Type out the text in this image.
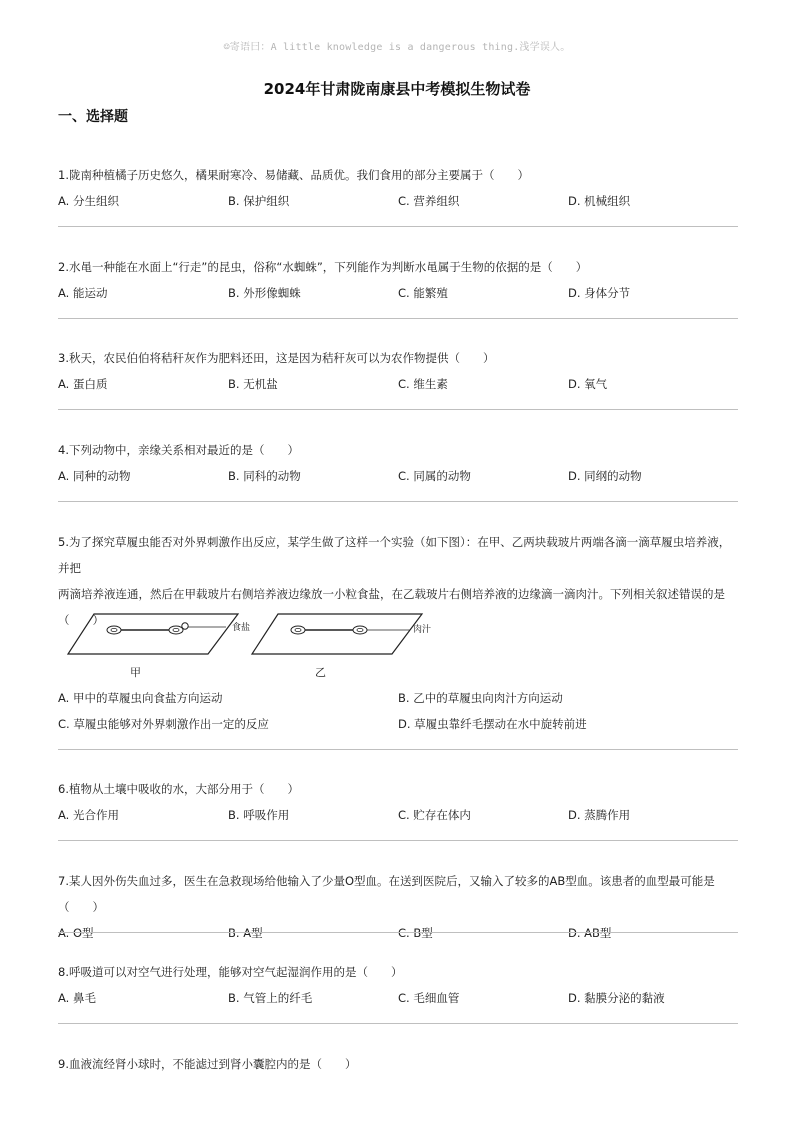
☺寄语曰：A little knowledge is a dangerous thing.浅学误人。
2024年甘肃陇南康县中考模拟生物试卷
一、选择题
1.陇南种植橘子历史悠久，橘果耐寒冷、易储藏、品质优。我们食用的部分主要属于（　　）
A. 分生组织	B. 保护组织	C. 营养组织	D. 机械组织
2.水黾一种能在水面上“行走”的昆虫，俗称“水蜘蛛”，下列能作为判断水黾属于生物的依据的是（　　）
A. 能运动	B. 外形像蜘蛛	C. 能繁殖	D. 身体分节
3.秋天，农民伯伯将秸秆灰作为肥料还田，这是因为秸秆灰可以为农作物提供（　　）
A. 蛋白质	B. 无机盐	C. 维生素	D. 氧气
4.下列动物中，亲缘关系相对最近的是（　　）
A. 同种的动物	B. 同科的动物	C. 同属的动物	D. 同纲的动物
5.为了探究草履虫能否对外界刺激作出反应，某学生做了这样一个实验（如下图）：在甲、乙两块载玻片两端各滴一滴草履虫培养液，并把
两滴培养液连通，然后在甲载玻片右侧培养液边缘放一小粒食盐，在乙载玻片右侧培养液的边缘滴一滴肉汁。下列相关叙述错误的是
（　　）
食盐	肉汁
甲	乙
A. 甲中的草履虫向食盐方向运动	B. 乙中的草履虫向肉汁方向运动
C. 草履虫能够对外界刺激作出一定的反应	D. 草履虫靠纤毛摆动在水中旋转前进
6.植物从土壤中吸收的水，大部分用于（　　）
A. 光合作用	B. 呼吸作用	C. 贮存在体内	D. 蒸腾作用
7.某人因外伤失血过多，医生在急救现场给他输入了少量O型血。在送到医院后，又输入了较多的AB型血。该患者的血型最可能是（　　）
A. O型	B. A型	C. B型	D. AB型
8.呼吸道可以对空气进行处理，能够对空气起湿润作用的是（　　）
A. 鼻毛	B. 气管上的纤毛	C. 毛细血管	D. 黏膜分泌的黏液
9.血液流经肾小球时，不能滤过到肾小囊腔内的是（　　）
